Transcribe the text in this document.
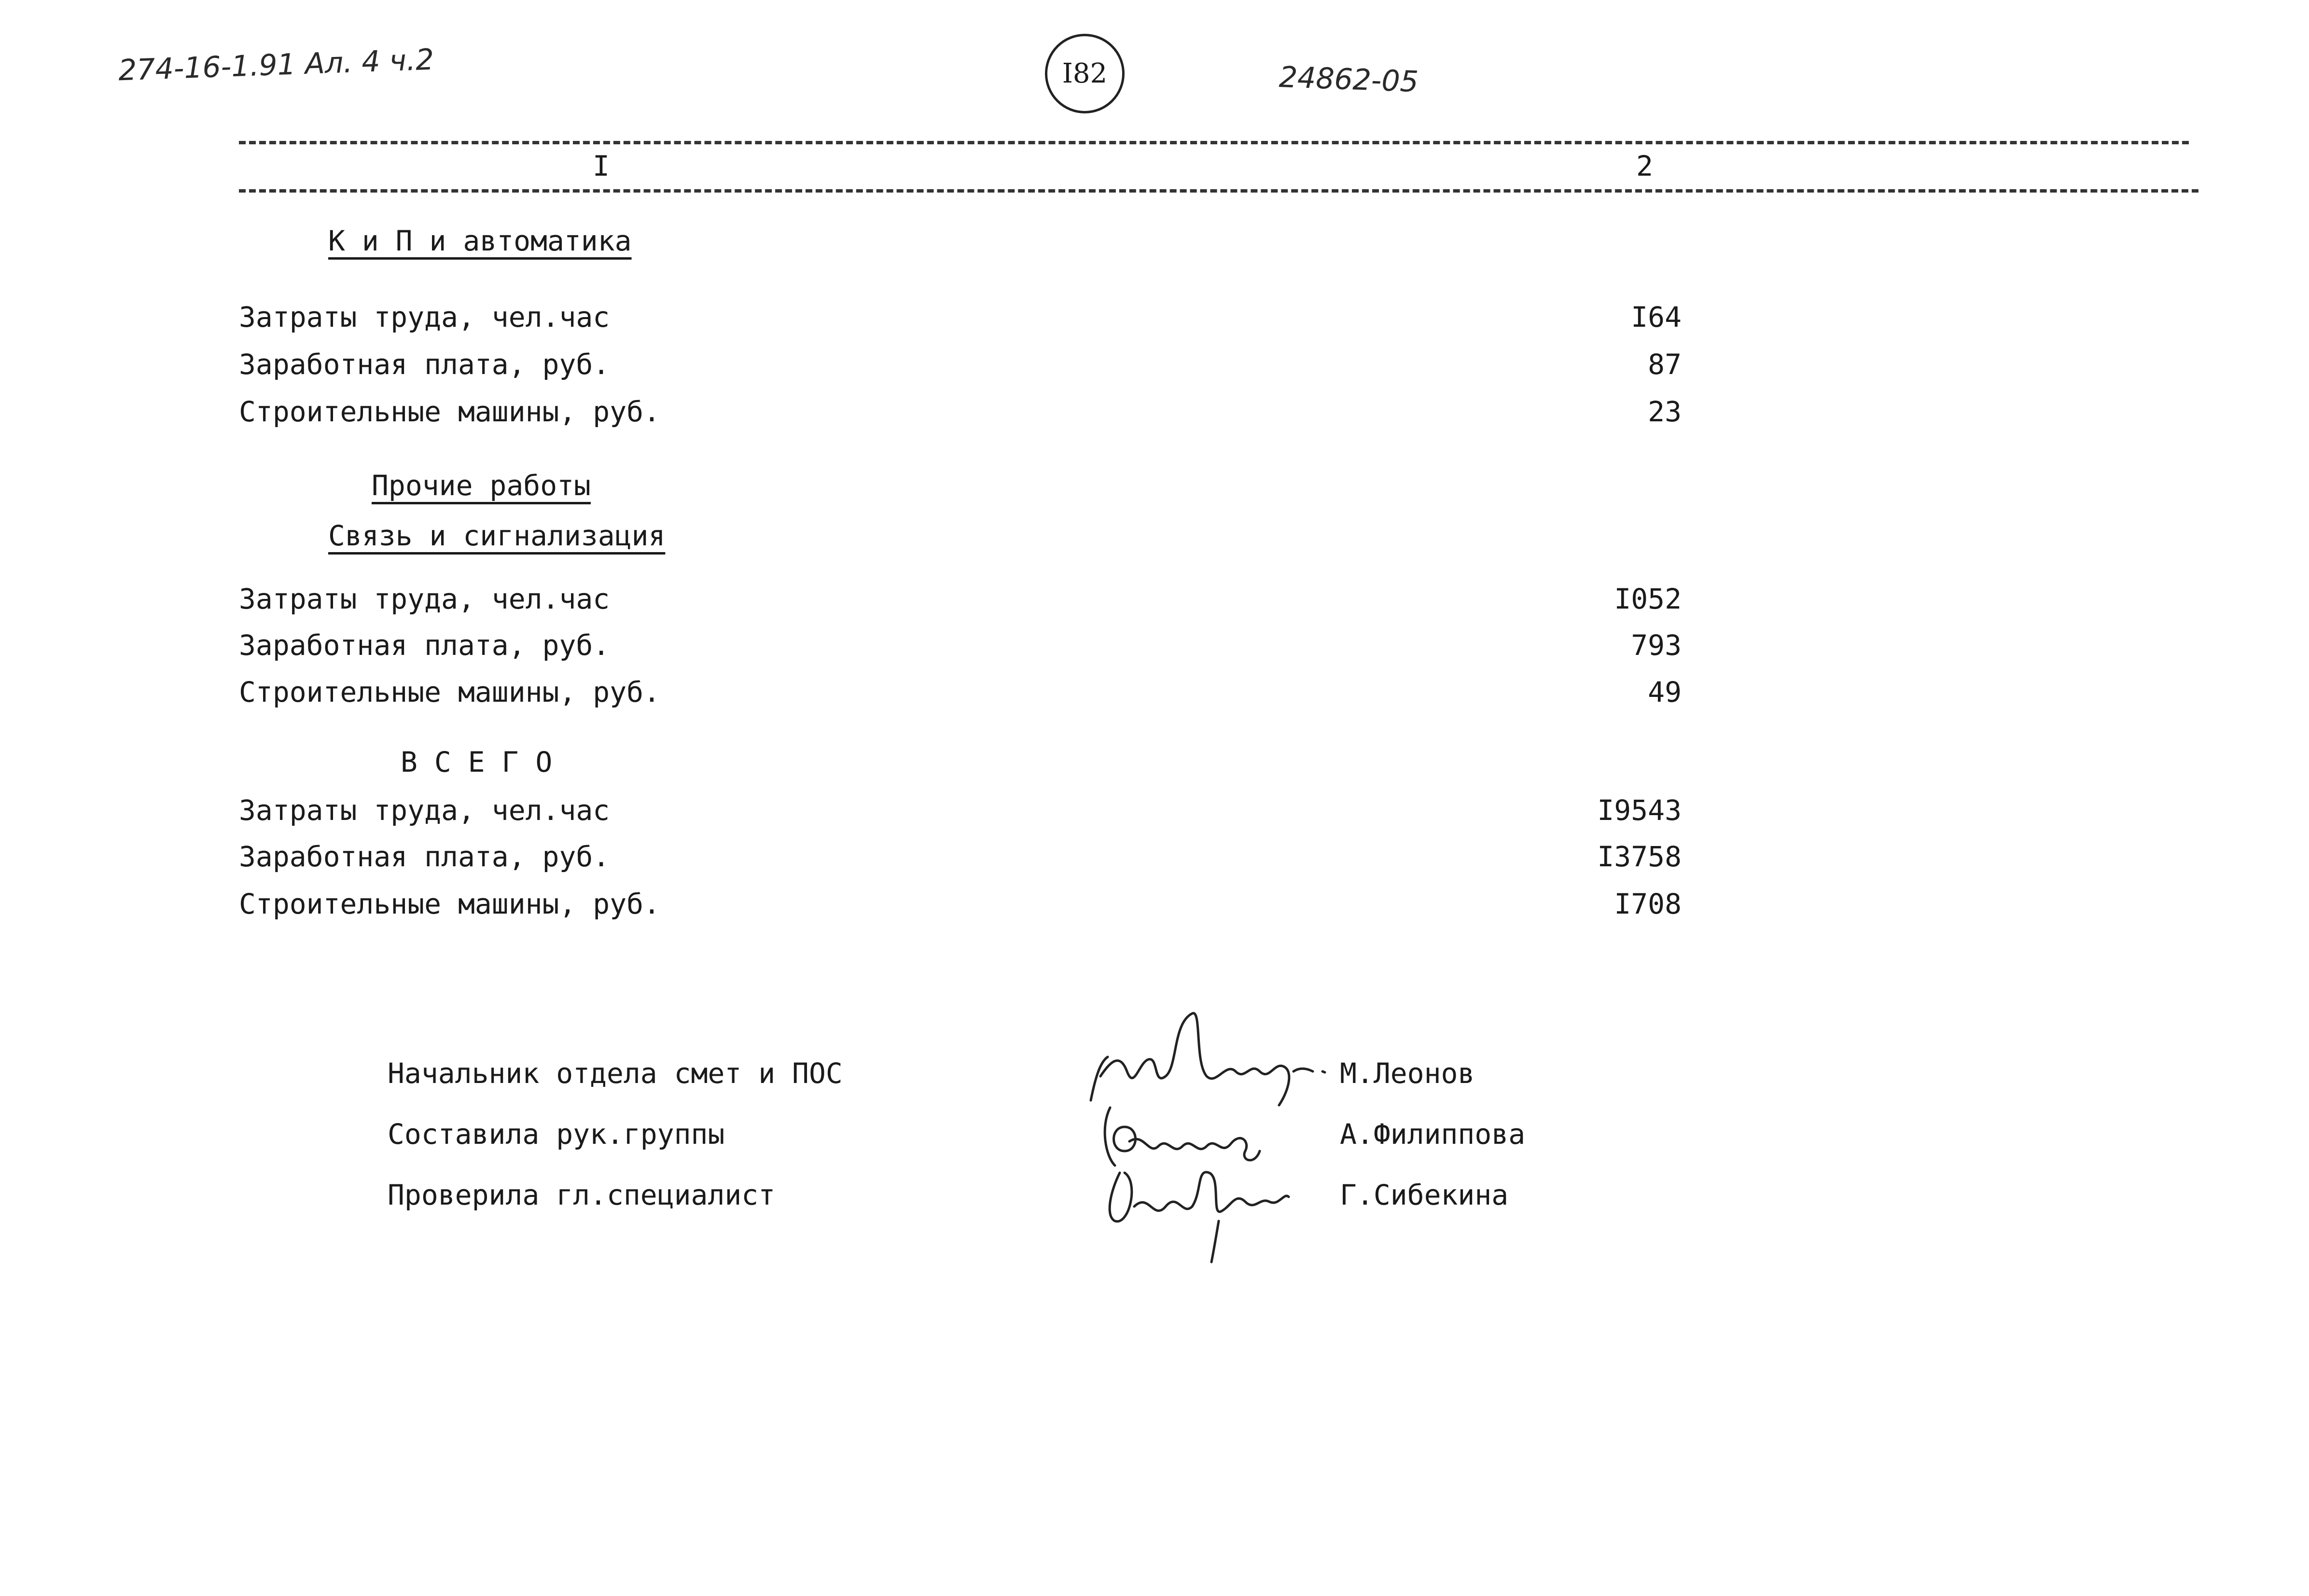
274-16-1.91 Ал. 4 ч.2	I82	24862-05
I	2
К и П и автоматика
Затраты труда, чел.час	I64
Заработная плата, руб.	87
Строительные машины, руб.	23
Прочие работы
Связь и сигнализация
Затраты труда, чел.час	I052
Заработная плата, руб.	793
Строительные машины, руб.	49
В С Е Г О
Затраты труда, чел.час	I9543
Заработная плата, руб.	I3758
Строительные машины, руб.	I708
Начальник отдела смет и ПОС	М.Леонов
Составила рук.группы	А.Филиппова
Проверила гл.специалист	Г.Сибекина
